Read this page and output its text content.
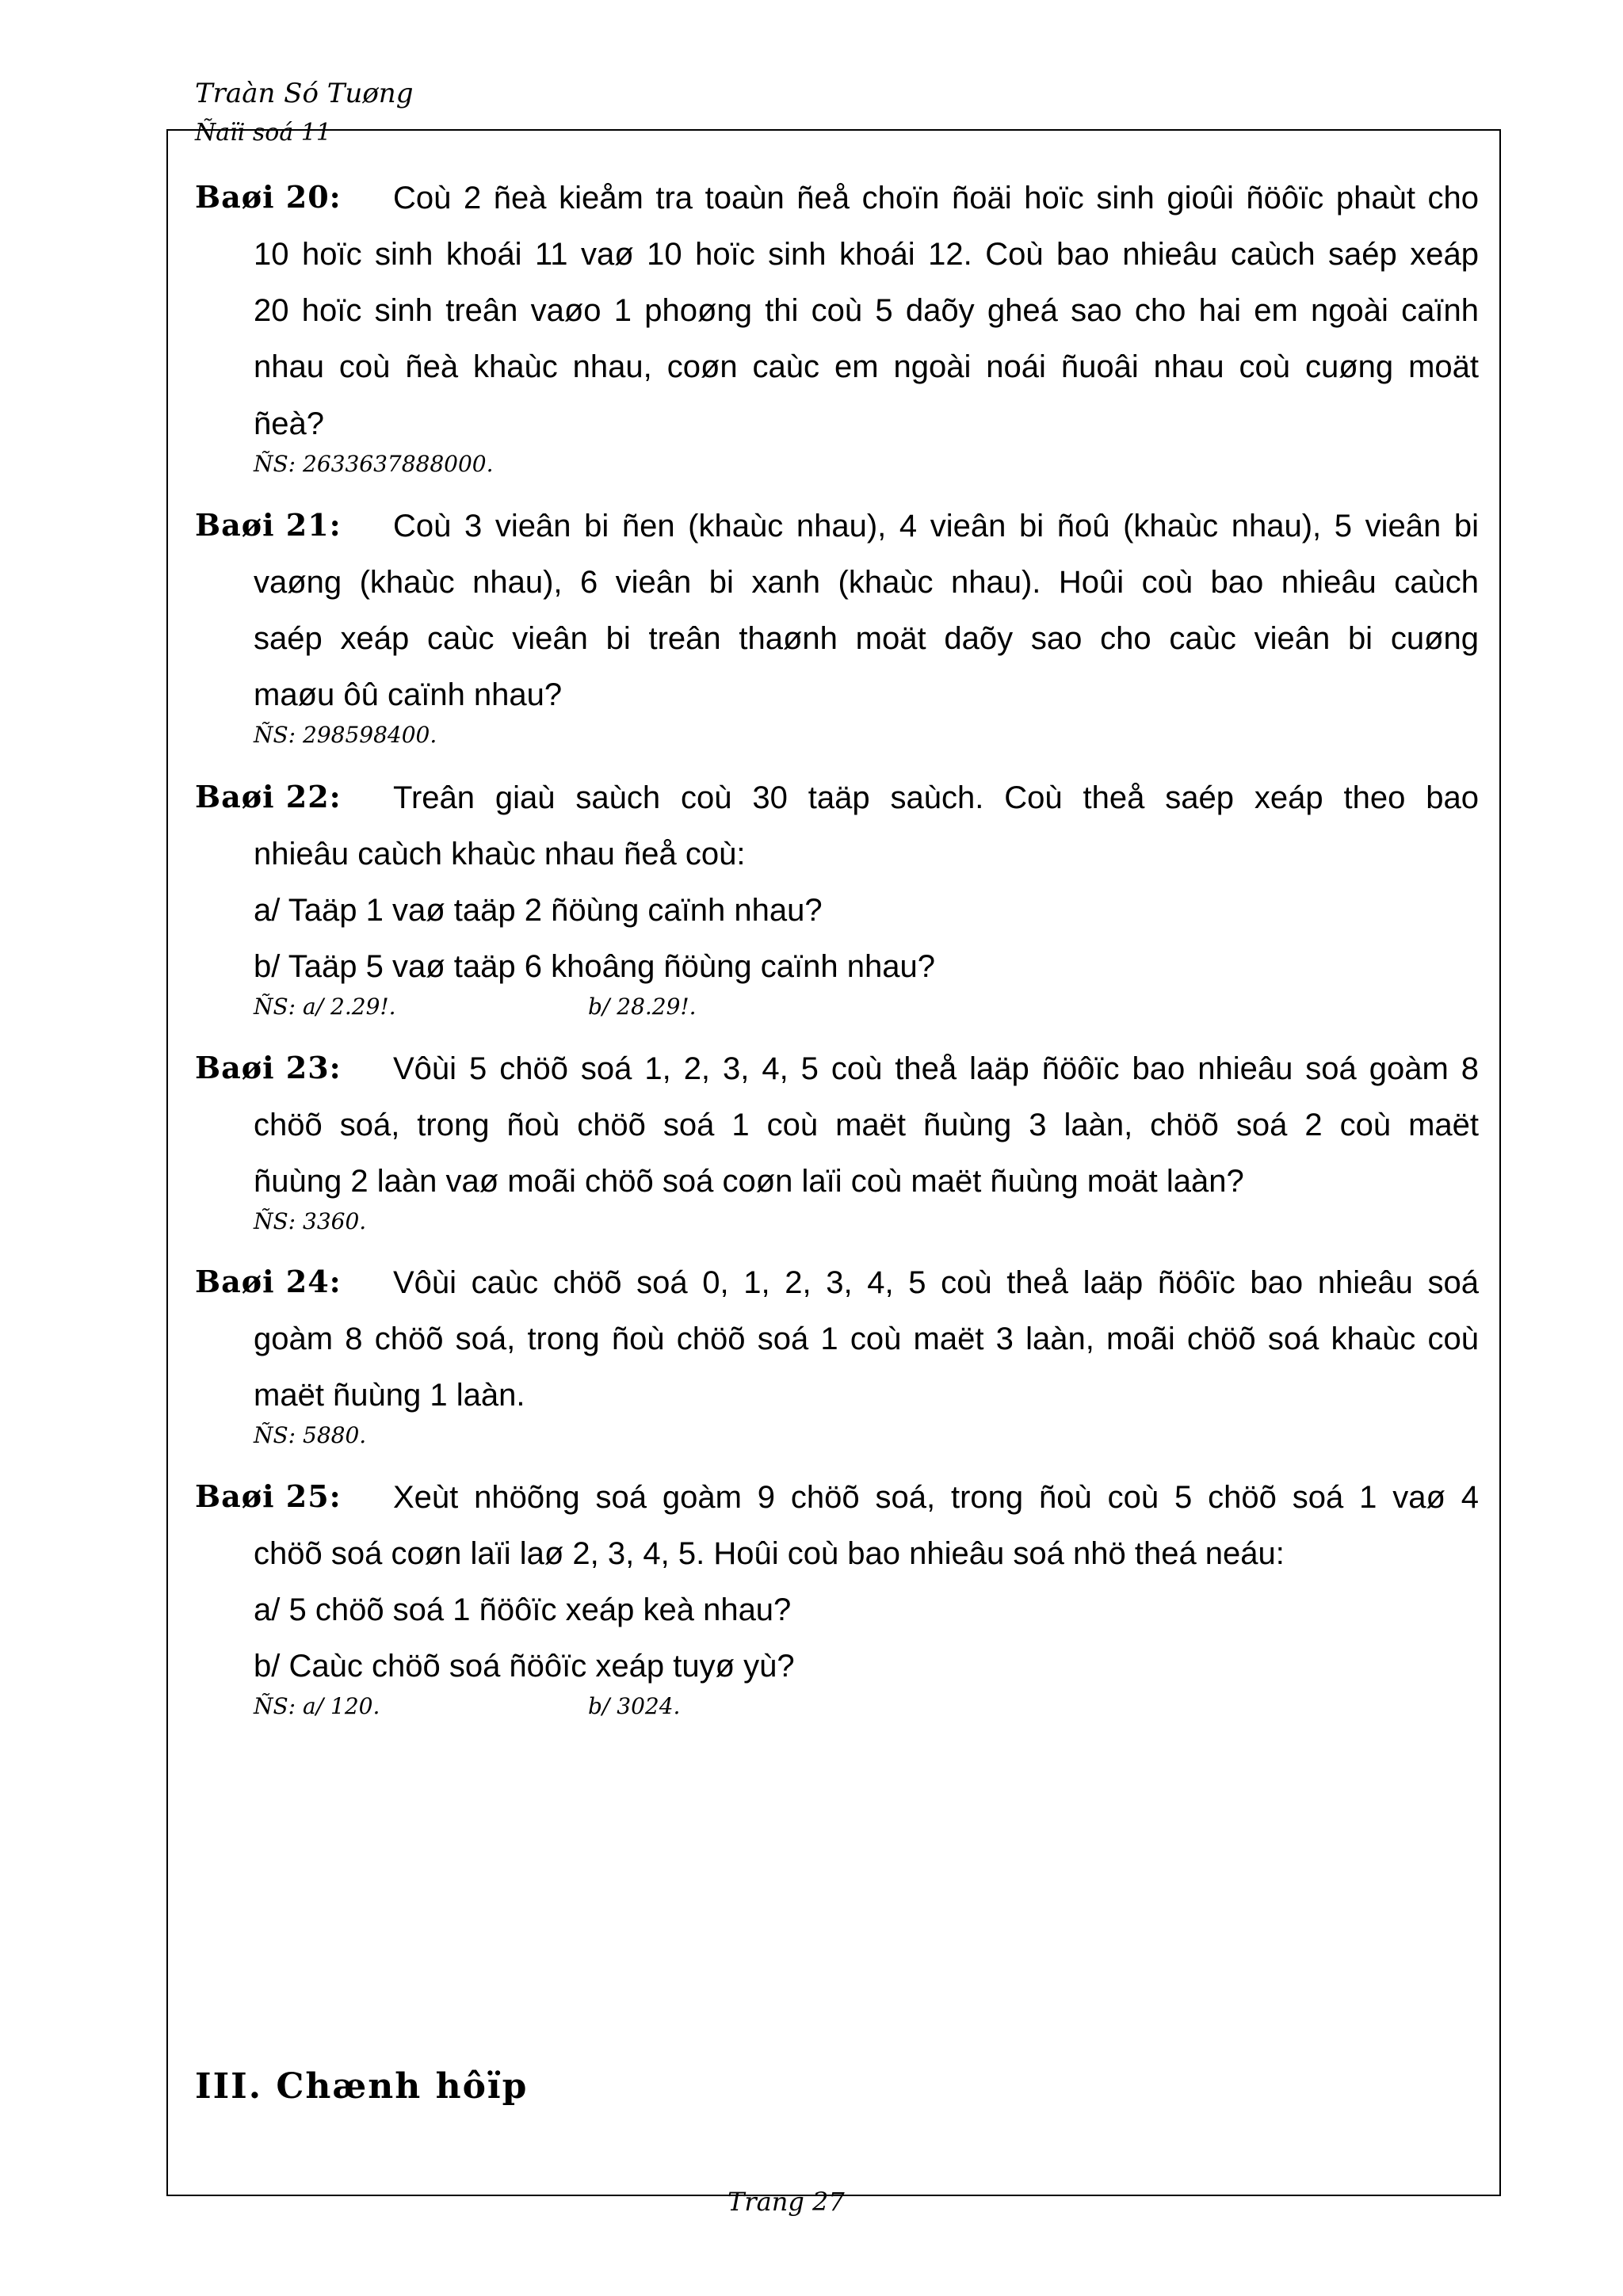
Traàn Só Tuøng
Ñaïi soá 11
Baøi 20: Coù 2 ñeà kieåm tra toaùn ñeå choïn ñoäi hoïc sinh gioûi ñöôïc phaùt cho
10 hoïc sinh khoái 11 vaø 10 hoïc sinh khoái 12. Coù bao nhieâu caùch saép xeáp
20 hoïc sinh treân vaøo 1 phoøng thi coù 5 daõy gheá sao cho hai em ngoài caïnh
nhau coù ñeà khaùc nhau, coøn caùc em ngoài noái ñuoâi nhau coù cuøng moät
ñeà?
ÑS: 2633637888000.
Baøi 21: Coù 3 vieân bi ñen (khaùc nhau), 4 vieân bi ñoû (khaùc nhau), 5 vieân bi
vaøng (khaùc nhau), 6 vieân bi xanh (khaùc nhau). Hoûi coù bao nhieâu caùch
saép xeáp caùc vieân bi treân thaønh moät daõy sao cho caùc vieân bi cuøng
maøu ôû caïnh nhau?
ÑS: 298598400.
Baøi 22: Treân giaù saùch coù 30 taäp saùch. Coù theå saép xeáp theo bao
nhieâu caùch khaùc nhau ñeå coù:
a/ Taäp 1 vaø taäp 2 ñöùng caïnh nhau?
b/ Taäp 5 vaø taäp 6 khoâng ñöùng caïnh nhau?
ÑS: a/ 2.29!.	b/ 28.29!.
Baøi 23: Vôùi 5 chöõ soá 1, 2, 3, 4, 5 coù theå laäp ñöôïc bao nhieâu soá goàm 8
chöõ soá, trong ñoù chöõ soá 1 coù maët ñuùng 3 laàn, chöõ soá 2 coù maët
ñuùng 2 laàn vaø moãi chöõ soá coøn laïi coù maët ñuùng moät laàn?
ÑS: 3360.
Baøi 24: Vôùi caùc chöõ soá 0, 1, 2, 3, 4, 5 coù theå laäp ñöôïc bao nhieâu soá
goàm 8 chöõ soá, trong ñoù chöõ soá 1 coù maët 3 laàn, moãi chöõ soá khaùc coù
maët ñuùng 1 laàn.
ÑS: 5880.
Baøi 25: Xeùt nhöõng soá goàm 9 chöõ soá, trong ñoù coù 5 chöõ soá 1 vaø 4
chöõ soá coøn laïi laø 2, 3, 4, 5. Hoûi coù bao nhieâu soá nhö theá neáu:
a/ 5 chöõ soá 1 ñöôïc xeáp keà nhau?
b/ Caùc chöõ soá ñöôïc xeáp tuyø yù?
ÑS: a/ 120.	b/ 3024.
III. Chænh hôïp
Trang 27
